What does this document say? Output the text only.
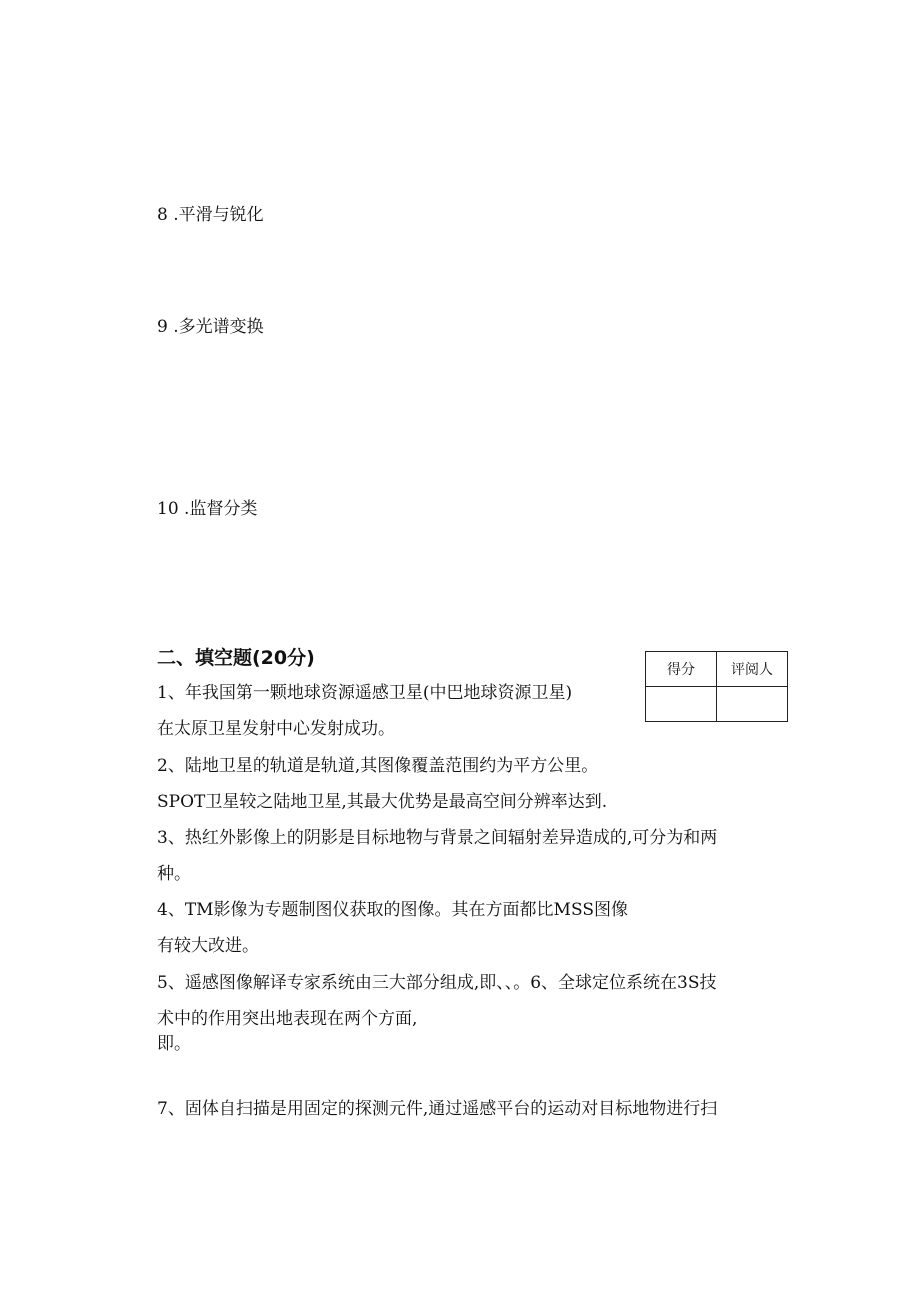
8 .平滑与锐化
9 .多光谱变换
10 .监督分类
二、填空题(20分)
得分	评阅人

1、年我国第一颗地球资源遥感卫星(中巴地球资源卫星)
在太原卫星发射中心发射成功。
2、陆地卫星的轨道是轨道,其图像覆盖范围约为平方公里。
SPOT卫星较之陆地卫星,其最大优势是最高空间分辨率达到.
3、热红外影像上的阴影是目标地物与背景之间辐射差异造成的,可分为和两
种。
4、TM影像为专题制图仪获取的图像。其在方面都比MSS图像
有较大改进。
5、遥感图像解译专家系统由三大部分组成,即、、。6、全球定位系统在3S技
术中的作用突出地表现在两个方面,
即。
7、固体自扫描是用固定的探测元件,通过遥感平台的运动对目标地物进行扫
